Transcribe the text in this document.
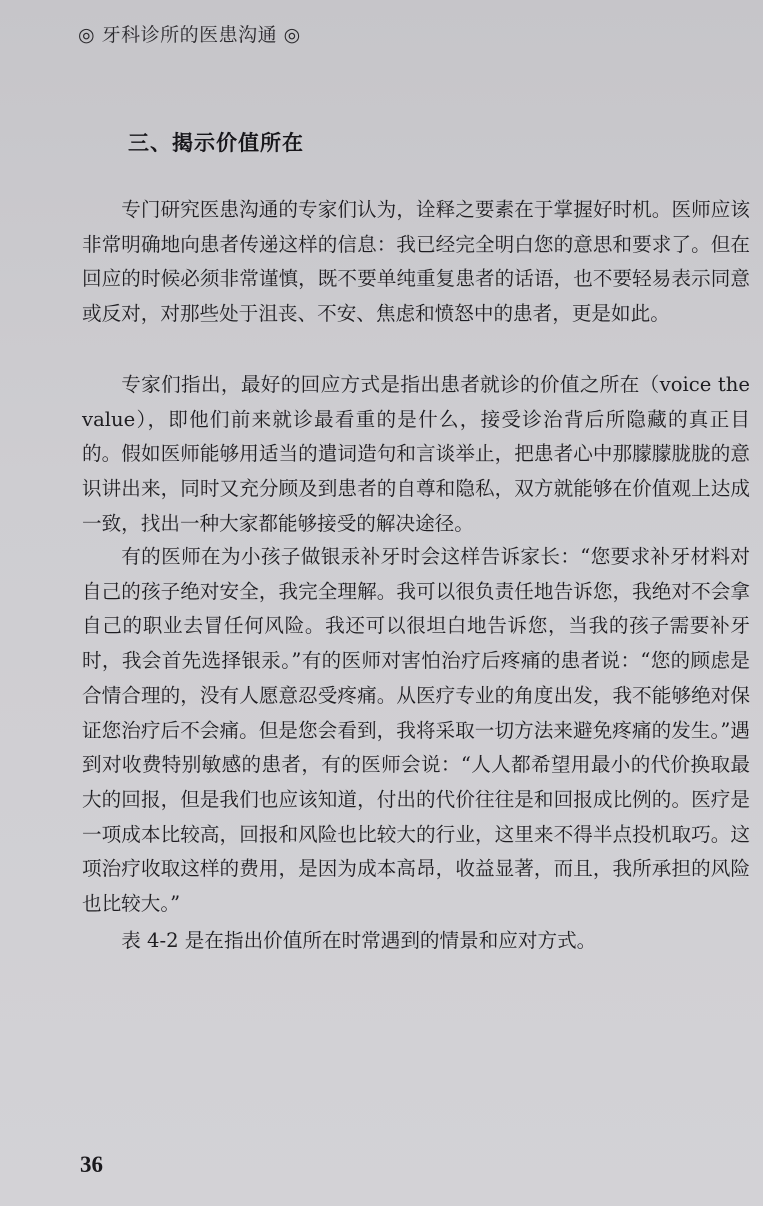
◎ 牙科诊所的医患沟通 ◎
三、揭示价值所在

专门研究医患沟通的专家们认为，诠释之要素在于掌握好时机。医师应该非常明确地向患者传递这样的信息：我已经完全明白您的意思和要求了。但在回应的时候必须非常谨慎，既不要单纯重复患者的话语，也不要轻易表示同意或反对，对那些处于沮丧、不安、焦虑和愤怒中的患者，更是如此。

专家们指出，最好的回应方式是指出患者就诊的价值之所在（voice the value），即他们前来就诊最看重的是什么，接受诊治背后所隐藏的真正目的。假如医师能够用适当的遣词造句和言谈举止，把患者心中那朦朦胧胧的意识讲出来，同时又充分顾及到患者的自尊和隐私，双方就能够在价值观上达成一致，找出一种大家都能够接受的解决途径。

有的医师在为小孩子做银汞补牙时会这样告诉家长：“您要求补牙材料对自己的孩子绝对安全，我完全理解。我可以很负责任地告诉您，我绝对不会拿自己的职业去冒任何风险。我还可以很坦白地告诉您，当我的孩子需要补牙时，我会首先选择银汞。”有的医师对害怕治疗后疼痛的患者说：“您的顾虑是合情合理的，没有人愿意忍受疼痛。从医疗专业的角度出发，我不能够绝对保证您治疗后不会痛。但是您会看到，我将采取一切方法来避免疼痛的发生。”遇到对收费特别敏感的患者，有的医师会说：“人人都希望用最小的代价换取最大的回报，但是我们也应该知道，付出的代价往往是和回报成比例的。医疗是一项成本比较高，回报和风险也比较大的行业，这里来不得半点投机取巧。这项治疗收取这样的费用，是因为成本高昂，收益显著，而且，我所承担的风险也比较大。”

表 4-2 是在指出价值所在时常遇到的情景和应对方式。

36
